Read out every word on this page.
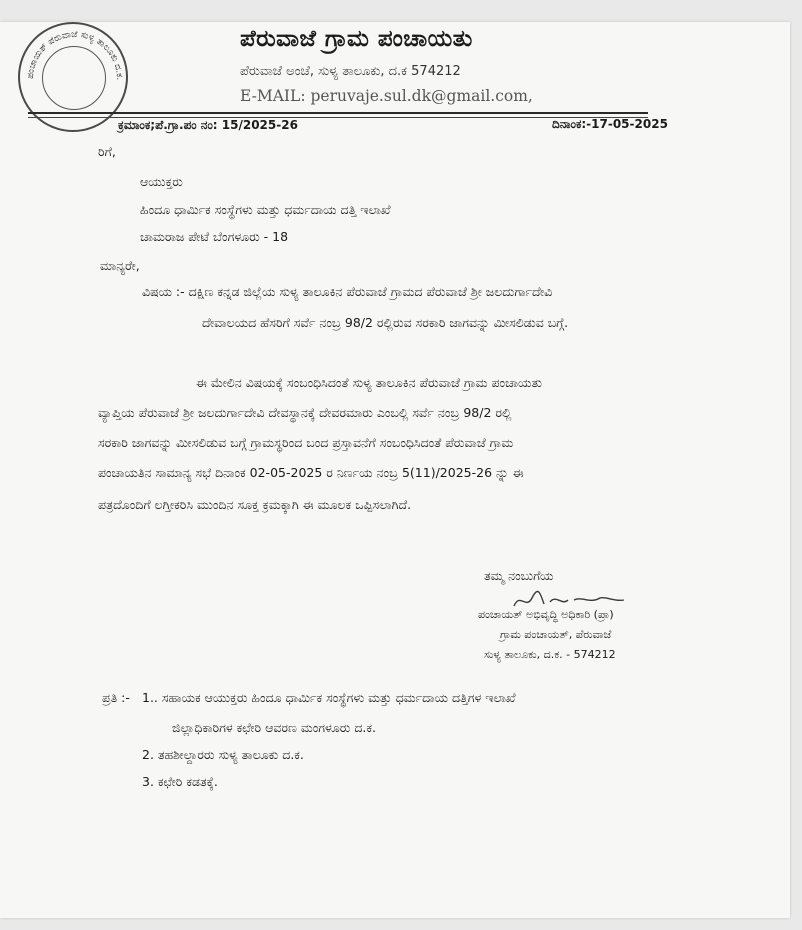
ಪಂಚಾಯತ್ ಪೆರುವಾಜೆ ಸುಳ್ಯ ತಾಲೂಕು ದ.ಕ.
ಪೆರುವಾಜೆ ಗ್ರಾಮ ಪಂಚಾಯತು
ಪೆರುವಾಜೆ ಅಂಚೆ, ಸುಳ್ಯ ತಾಲೂಕು, ದ.ಕ 574212
E-MAIL: peruvaje.sul.dk@gmail.com,
ಕ್ರಮಾಂಕ;ಪೆ.ಗ್ರಾ.ಪಂ ನಂ: 15/2025-26	ದಿನಾಂಕ:-17-05-2025
ರಿಗೆ,
ಆಯುಕ್ತರು
ಹಿಂದೂ ಧಾರ್ಮಿಕ ಸಂಸ್ಥೆಗಳು ಮತ್ತು ಧರ್ಮದಾಯ ದತ್ತಿ ಇಲಾಖೆ
ಚಾಮರಾಜ ಪೇಟೆ ಬೆಂಗಳೂರು - 18
ಮಾನ್ಯರೇ,
ವಿಷಯ :- ದಕ್ಷಿಣ ಕನ್ನಡ ಜಿಲ್ಲೆಯ ಸುಳ್ಯ ತಾಲೂಕಿನ ಪೆರುವಾಜೆ ಗ್ರಾಮದ ಪೆರುವಾಜೆ ಶ್ರೀ ಜಲದುರ್ಗಾದೇವಿ
ದೇವಾಲಯದ ಹೆಸರಿಗೆ ಸರ್ವೆ ನಂಬ್ರ 98/2 ರಲ್ಲಿರುವ ಸರಕಾರಿ ಜಾಗವನ್ನು ಮೀಸಲಿಡುವ ಬಗ್ಗೆ.
ಈ ಮೇಲಿನ ವಿಷಯಕ್ಕೆ ಸಂಬಂಧಿಸಿದಂತೆ ಸುಳ್ಯ ತಾಲೂಕಿನ ಪೆರುವಾಜೆ ಗ್ರಾಮ ಪಂಚಾಯತು
ವ್ಯಾಪ್ತಿಯ ಪೆರುವಾಜೆ ಶ್ರೀ ಜಲದುರ್ಗಾದೇವಿ ದೇವಸ್ಥಾನಕ್ಕೆ ದೇವರಮಾರು ಎಂಬಲ್ಲಿ ಸರ್ವೆ ನಂಬ್ರ 98/2 ರಲ್ಲಿ
ಸರಕಾರಿ ಜಾಗವನ್ನು ಮೀಸಲಿಡುವ ಬಗ್ಗೆ ಗ್ರಾಮಸ್ಥರಿಂದ ಬಂದ ಪ್ರಸ್ತಾವನೆಗೆ ಸಂಬಂಧಿಸಿದಂತೆ ಪೆರುವಾಜೆ ಗ್ರಾಮ
ಪಂಚಾಯತಿನ ಸಾಮಾನ್ಯ ಸಭೆ ದಿನಾಂಕ 02-05-2025 ರ ನಿರ್ಣಯ ನಂಬ್ರ 5(11)/2025-26 ನ್ನು ಈ
ಪತ್ರದೊಂದಿಗೆ ಲಗ್ತೀಕರಿಸಿ ಮುಂದಿನ ಸೂಕ್ತ ಕ್ರಮಕ್ಕಾಗಿ ಈ ಮೂಲಕ ಒಪ್ಪಿಸಲಾಗಿದೆ.
ತಮ್ಮ ನಂಬುಗೆಯ
ಪಂಚಾಯತ್ ಅಭಿವೃದ್ಧಿ ಅಧಿಕಾರಿ (ಪ್ರಾ)
ಗ್ರಾಮ ಪಂಚಾಯತ್, ಪೆರುವಾಜೆ
ಸುಳ್ಯ ತಾಲೂಕು, ದ.ಕ. - 574212
ಪ್ರತಿ :- 1.. ಸಹಾಯಕ ಆಯುಕ್ತರು ಹಿಂದೂ ಧಾರ್ಮಿಕ ಸಂಸ್ಥೆಗಳು ಮತ್ತು ಧರ್ಮದಾಯ ದತ್ತಿಗಳ ಇಲಾಖೆ
ಜಿಲ್ಲಾಧಿಕಾರಿಗಳ ಕಛೇರಿ ಆವರಣ ಮಂಗಳೂರು ದ.ಕ.
2. ತಹಶೀಲ್ದಾರರು ಸುಳ್ಯ ತಾಲೂಕು ದ.ಕ.
3. ಕಛೇರಿ ಕಡತಕ್ಕೆ.
